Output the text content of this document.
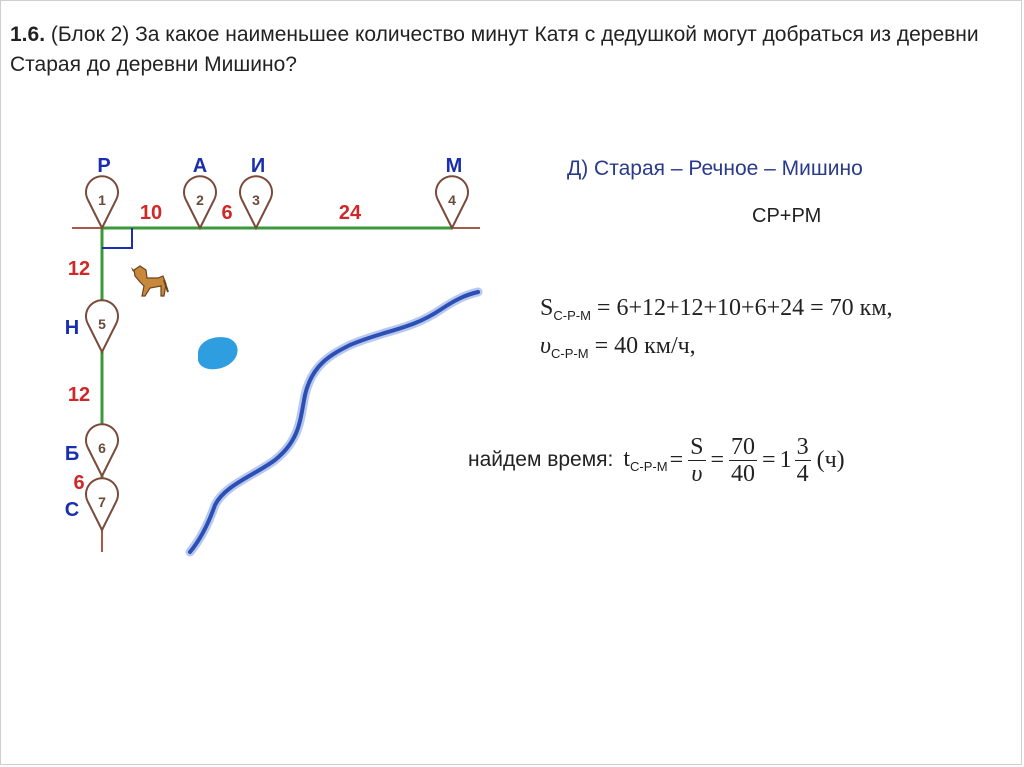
1.6. (Блок 2) За какое наименьшее количество минут Катя с дедушкой могут добраться из деревни Старая до деревни Мишино?
1	2	3	4
5
6
7
Р	А И	М
Н
Б
С
10	6	24
12
12
6
Д) Старая – Речное – Мишино
СР+РМ
$S_{С-Р-М} = 6+12+12+10+6+24 = 70$ км,
$\upsilon_{С-Р-М} = 40$ км/ч,
найдем время: $t_{С-Р-М} = \frac{S}{\upsilon} = \frac{70}{40} = 1 \frac{3}{4} (ч)$
